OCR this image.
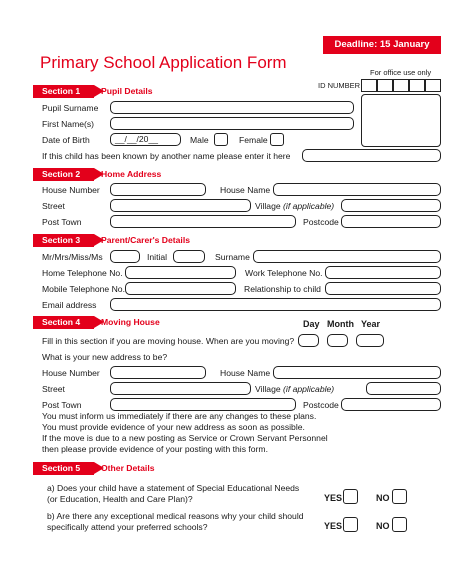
Deadline: 15 January 2016
Primary School Application Form
For office use only
ID NUMBER
Section 1	Pupil Details
Pupil Surname
First Name(s)
Date of Birth	__/__/20__	Male	Female
If this child has been known by another name please enter it here
Section 2	Home Address
House Number	House Name
Street	Village (if applicable)
Post Town	Postcode
Section 3	Parent/Carer's Details
Mr/Mrs/Miss/Ms	Initial	Surname
Home Telephone No.	Work Telephone No.
Mobile Telephone No.	Relationship to child
Email address
Section 4	Moving House	Day Month Year
Fill in this section if you are moving house. When are you moving?
What is your new address to be?
House Number	House Name
Street	Village (if applicable)
Post Town	Postcode
You must inform us immediately if there are any changes to these plans.
You must provide evidence of your new address as soon as possible.
If the move is due to a new posting as Service or Crown Servant Personnel
then please provide evidence of your posting with this form.
Section 5	Other Details
a) Does your child have a statement of Special Educational Needs
(or Education, Health and Care Plan)?	YES	NO
b) Are there any exceptional medical reasons why your child should
specifically attend your preferred schools?	YES	NO
